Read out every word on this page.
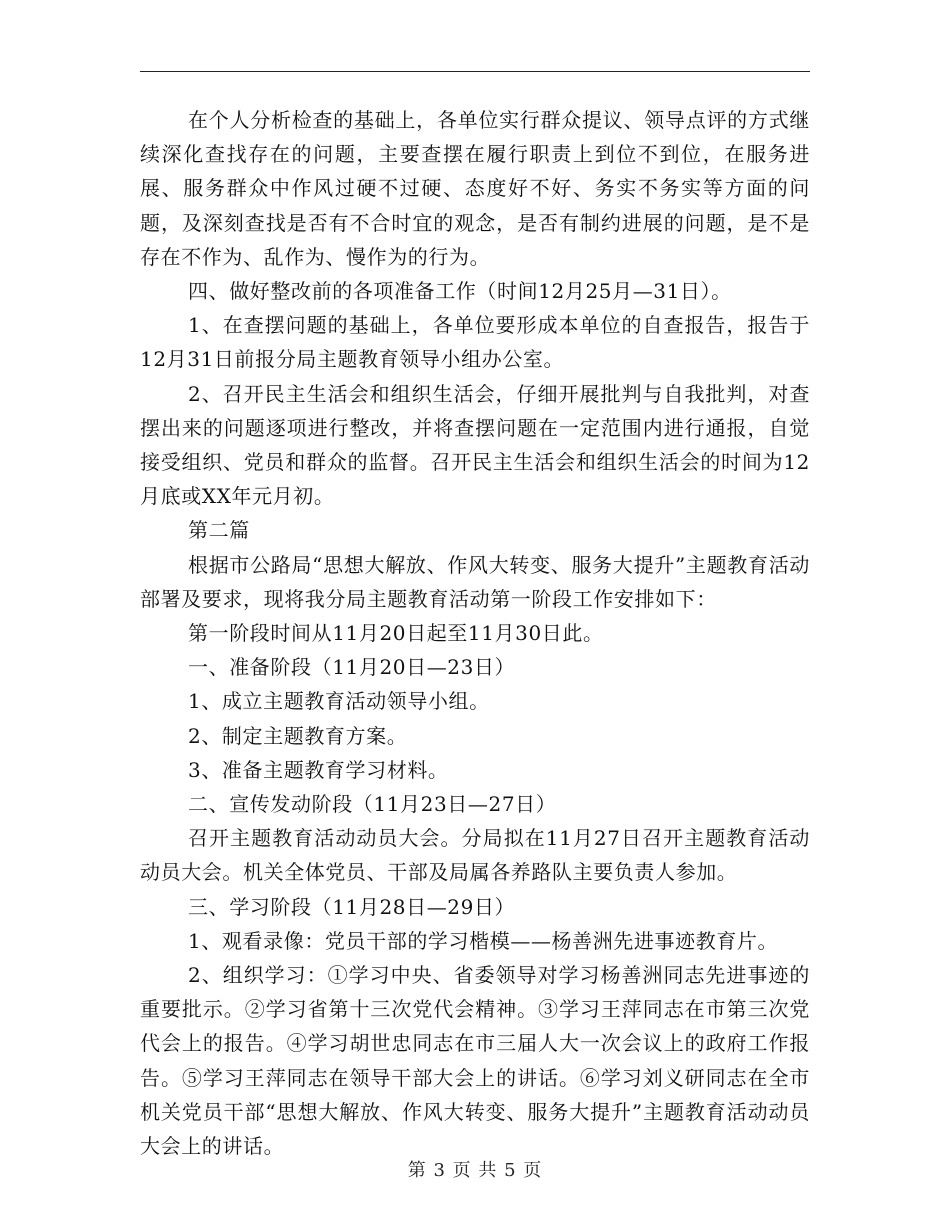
在个人分析检查的基础上，各单位实行群众提议、领导点评的方式继续深化查找存在的问题，主要查摆在履行职责上到位不到位，在服务进展、服务群众中作风过硬不过硬、态度好不好、务实不务实等方面的问题，及深刻查找是否有不合时宜的观念，是否有制约进展的问题，是不是存在不作为、乱作为、慢作为的行为。

四、做好整改前的各项准备工作（时间12月25月—31日）。

1、在查摆问题的基础上，各单位要形成本单位的自查报告，报告于12月31日前报分局主题教育领导小组办公室。

2、召开民主生活会和组织生活会，仔细开展批判与自我批判，对查摆出来的问题逐项进行整改，并将查摆问题在一定范围内进行通报，自觉接受组织、党员和群众的监督。召开民主生活会和组织生活会的时间为12月底或XX年元月初。

第二篇

根据市公路局“思想大解放、作风大转变、服务大提升”主题教育活动部署及要求，现将我分局主题教育活动第一阶段工作安排如下：

第一阶段时间从11月20日起至11月30日此。

一、准备阶段（11月20日—23日）

1、成立主题教育活动领导小组。

2、制定主题教育方案。

3、准备主题教育学习材料。

二、宣传发动阶段（11月23日—27日）

召开主题教育活动动员大会。分局拟在11月27日召开主题教育活动动员大会。机关全体党员、干部及局属各养路队主要负责人参加。

三、学习阶段（11月28日—29日）

1、观看录像：党员干部的学习楷模——杨善洲先进事迹教育片。

2、组织学习：①学习中央、省委领导对学习杨善洲同志先进事迹的重要批示。②学习省第十三次党代会精神。③学习王萍同志在市第三次党代会上的报告。④学习胡世忠同志在市三届人大一次会议上的政府工作报告。⑤学习王萍同志在领导干部大会上的讲话。⑥学习刘义研同志在全市机关党员干部“思想大解放、作风大转变、服务大提升”主题教育活动动员大会上的讲话。

第 3 页 共 5 页
